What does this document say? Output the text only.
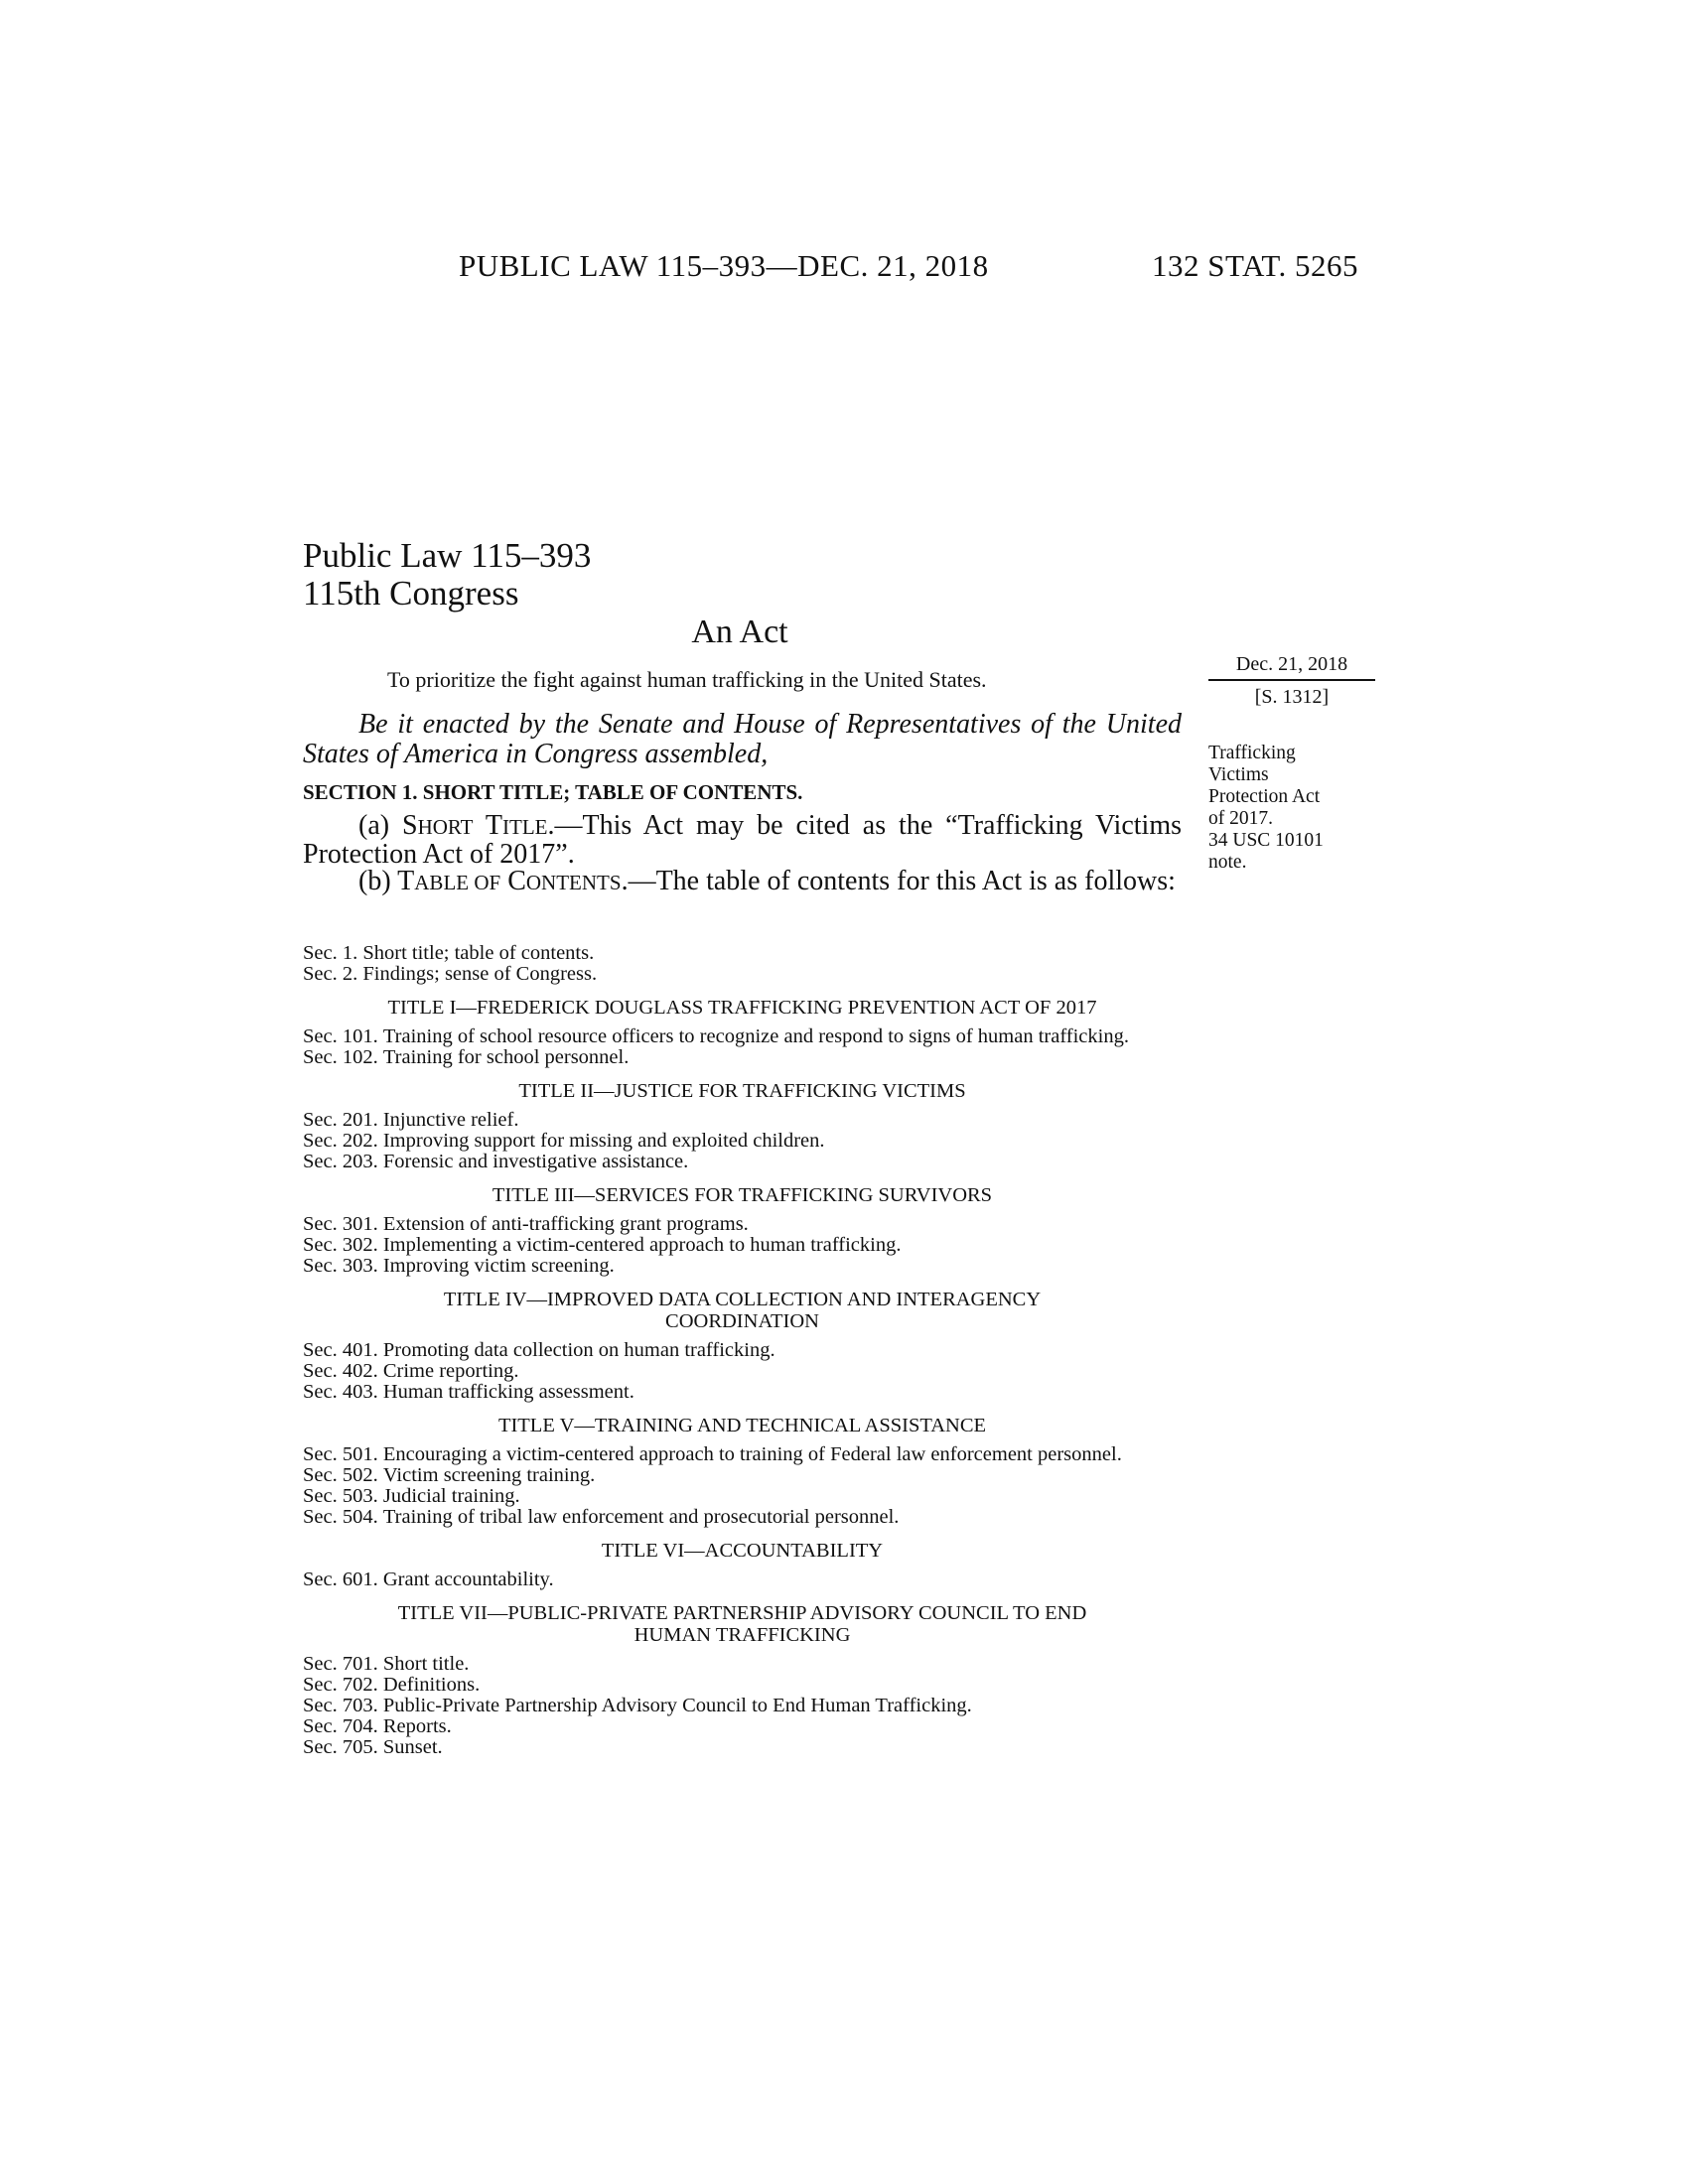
PUBLIC LAW 115–393—DEC. 21, 2018	132 STAT. 5265
Public Law 115–393
115th Congress
An Act
To prioritize the fight against human trafficking in the United States.
Dec. 21, 2018
[S. 1312]
Trafficking
Victims
Protection Act
of 2017.
34 USC 10101
note.
Be it enacted by the Senate and House of Representatives of the United States of America in Congress assembled,
SECTION 1. SHORT TITLE; TABLE OF CONTENTS.
(a) SHORT TITLE.—This Act may be cited as the “Trafficking Victims Protection Act of 2017”.
(b) TABLE OF CONTENTS.—The table of contents for this Act is as follows:
Sec. 1. Short title; table of contents.
Sec. 2. Findings; sense of Congress.
TITLE I—FREDERICK DOUGLASS TRAFFICKING PREVENTION ACT OF 2017
Sec. 101. Training of school resource officers to recognize and respond to signs of human trafficking.
Sec. 102. Training for school personnel.
TITLE II—JUSTICE FOR TRAFFICKING VICTIMS
Sec. 201. Injunctive relief.
Sec. 202. Improving support for missing and exploited children.
Sec. 203. Forensic and investigative assistance.
TITLE III—SERVICES FOR TRAFFICKING SURVIVORS
Sec. 301. Extension of anti-trafficking grant programs.
Sec. 302. Implementing a victim-centered approach to human trafficking.
Sec. 303. Improving victim screening.
TITLE IV—IMPROVED DATA COLLECTION AND INTERAGENCY
COORDINATION
Sec. 401. Promoting data collection on human trafficking.
Sec. 402. Crime reporting.
Sec. 403. Human trafficking assessment.
TITLE V—TRAINING AND TECHNICAL ASSISTANCE
Sec. 501. Encouraging a victim-centered approach to training of Federal law enforcement personnel.
Sec. 502. Victim screening training.
Sec. 503. Judicial training.
Sec. 504. Training of tribal law enforcement and prosecutorial personnel.
TITLE VI—ACCOUNTABILITY
Sec. 601. Grant accountability.
TITLE VII—PUBLIC-PRIVATE PARTNERSHIP ADVISORY COUNCIL TO END
HUMAN TRAFFICKING
Sec. 701. Short title.
Sec. 702. Definitions.
Sec. 703. Public-Private Partnership Advisory Council to End Human Trafficking.
Sec. 704. Reports.
Sec. 705. Sunset.
